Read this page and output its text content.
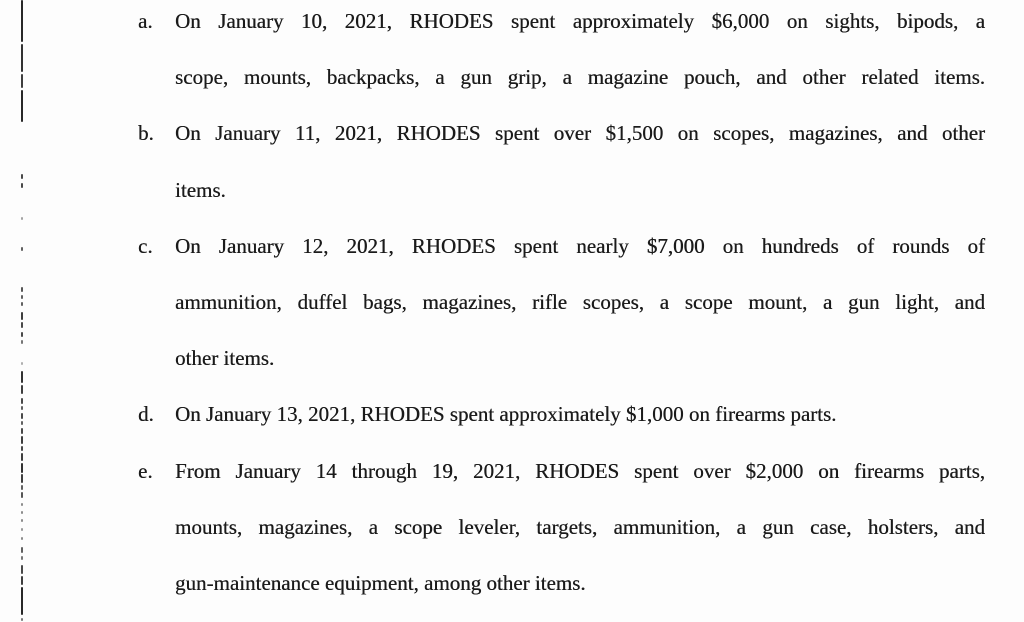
a.	On January 10, 2021, RHODES spent approximately $6,000 on sights, bipods, a
scope, mounts, backpacks, a gun grip, a magazine pouch, and other related items.
b.	On January 11, 2021, RHODES spent over $1,500 on scopes, magazines, and other
items.
c.	On January 12, 2021, RHODES spent nearly $7,000 on hundreds of rounds of
ammunition, duffel bags, magazines, rifle scopes, a scope mount, a gun light, and
other items.
d.	On January 13, 2021, RHODES spent approximately $1,000 on firearms parts.
e.	From January 14 through 19, 2021, RHODES spent over $2,000 on firearms parts,
mounts, magazines, a scope leveler, targets, ammunition, a gun case, holsters, and
gun-maintenance equipment, among other items.
